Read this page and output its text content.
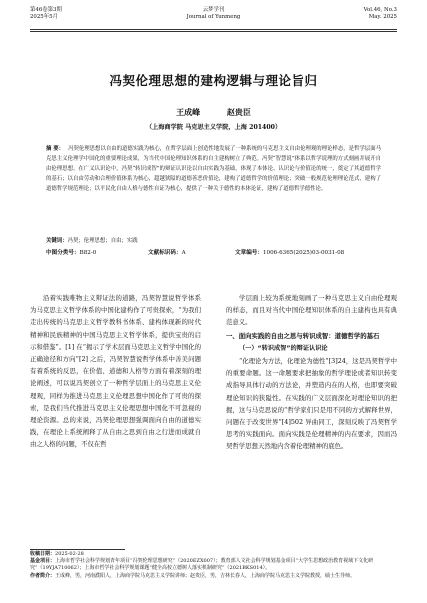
第46卷第3期
2025年5月
云梦学刊
Journal of Yunmeng
Vol.46, No.3
May. 2025
冯契伦理思想的建构逻辑与理论旨归
王成峰	赵贵臣
（上海商学院 马克思主义学院，上海 201400）
摘 要： 冯契伦理思想以自由的道德实践为核心，在哲学层面上创造性地发展了一种系统的马克思主义自由伦理观的理论样态，是哲学层面马克思主义伦理学中国化的重要理论成果，为当代中国伦理知识体系的自主建构树立了典范。冯契“智慧说”体系以哲学说理的方式刻画并展开自由伦理思想。在广义认识论中，冯契“转识成智”的辩证认识论以自由实践为基础，体现了本体论、认识论与价值论的统一，奠定了其道德哲学的基石；以自由劳动和合理价值体系为核心，超越狭隘的道德善恶价值论，建构了道德哲学的价值理论；突破一般规范伦理理论范式，建构了道德哲学规范理论；以平民化自由人格与德性自证为核心，提供了一种关于德性的本体论证，建构了道德哲学德性论。
关键词：冯契；伦理思想；自由；实践
中图分类号：B82-0	文献标识码：A	文章编号：1006-6365(2025)03-0031-08

沿着实践唯物主义辩证法的道路，冯契智慧说哲学体系为马克思主义哲学体系的中国化建构作了可贵探索，“为我们走出传统的马克思主义哲学教科书体系、建构体现新的时代精神和民族精神的中国马克思主义哲学体系，提供宝贵的启示和借鉴”。[1] 在“揭示了学术层面马克思主义哲学中国化的正确途径和方向”[2] 之后，冯契智慧说哲学体系中善美问题有着系统的反思，在价值、道德和人格等方面有着深刻的理论阐述，可以说冯契创立了一种哲学层面上的马克思主义伦理观，同样为推进马克思主义伦理思想中国化作了可贵的探索，是我们当代推进马克思主义伦理思想中国化不可忽视的理论资源。总的来说，冯契伦理思想强调面向自由的道德实践，在理论上系统阐释了从自由之思到自由之行进而成就自由之人格的问题，不仅在哲

学层面上较为系统地刻画了一种马克思主义自由伦理观的样态，而且对当代中国伦理知识体系的自主建构也具有典范意义。

一、面向实践的自由之思与转识成智：道德哲学的基石

（一）“转识成智”的辩证认识论

“化理论为方法，化理论为德性”[3]24，这是冯契哲学中的重要命题。这一命题要求把抽象的哲学理论或者知识转变成指导具体行动的方法论，并塑造内在的人格，也即要突破理论知识的狭隘性。在实践的广义层面深化对理论知识的把握，这与马克思说的“哲学家们只是用不同的方式解释世界，问题在于改变世界”[4]502 异曲同工，深刻反映了冯契哲学思考的实践面向。面向实践是伦理精神的内在要求，因而冯契哲学思想天然地内含着伦理精神的底色。

收稿日期：2025-02-28
基金项目：上海市哲学社会科学规划青年项目“冯契伦理思想研究”（2020EZX007）；教育部人文社会科学规划基金项目“大学生思想政治教育视域下文化研究”（19YJA710062）；上海市哲学社会科学规划课题“健全高校立德树人落实机制研究”（2021BKS014）。
作者简介：王成峰，男，河南濮阳人，上海商学院马克思主义学院讲师；赵贵臣，男，吉林长春人，上海商学院马克思主义学院教授，硕士生导师。
